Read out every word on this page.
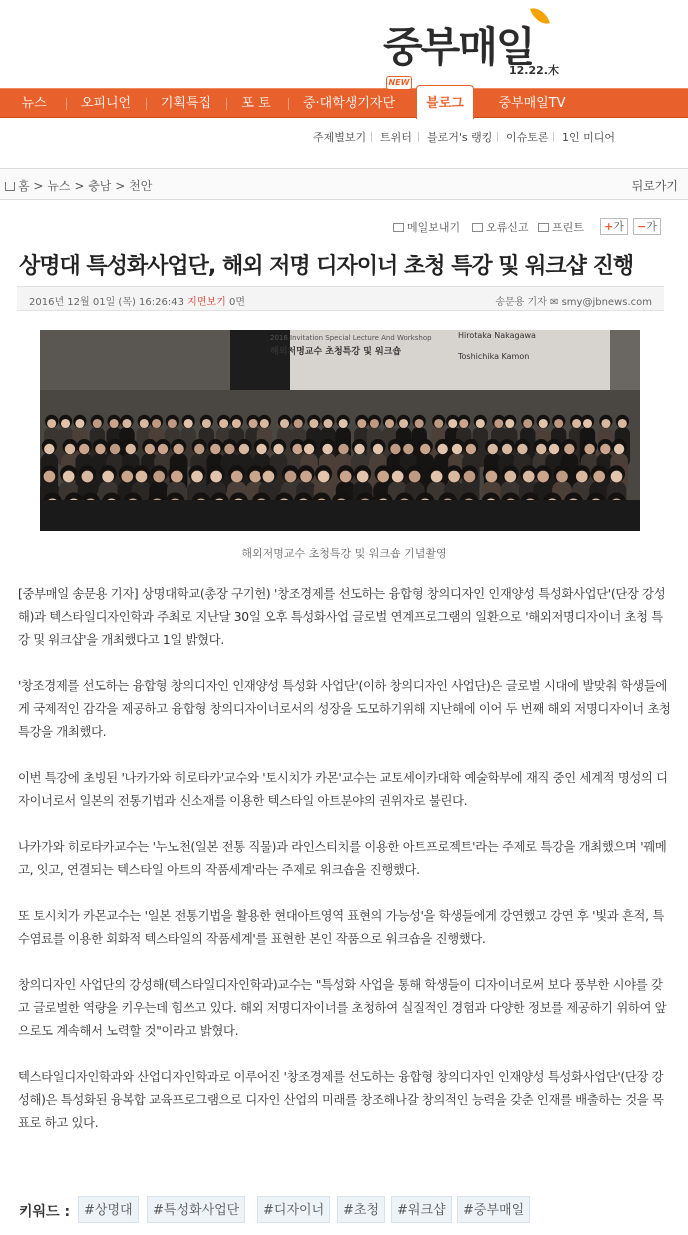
중부매일
12.22.木
뉴스	오피니언	기획특집	포 토	중·대학생기자단	중부매일TV
NEW
블로그
주제별보기 트위터 블로거's 랭킹 이슈토론 1인 미디어
홈 > 뉴스 > 충남 > 천안	뒤로가기
메일보내기	오류신고	프린트	+가	−가
상명대 특성화사업단, 해외 저명 디자이너 초청 특강 및 워크샵 진행
2016년 12월 01일 (목) 16:26:43 지면보기 0면	송문용 기자 ✉ smy@jbnews.com
2016 Invitation Special Lecture And Workshop
해외저명교수 초청특강 및 워크숍
Hirotaka Nakagawa
Toshichika Kamon
해외저명교수 초청특강 및 워크숍 기념촬영

[중부매일 송문용 기자] 상명대학교(총장 구기헌) '창조경제를 선도하는 융합형 창의디자인 인재양성 특성화사업단'(단장 강성해)과 텍스타일디자인학과 주최로 지난달 30일 오후 특성화사업 글로벌 연계프로그램의 일환으로 '해외저명디자이너 초청 특강 및 워크샵'을 개최했다고 1일 밝혔다.

'창조경제를 선도하는 융합형 창의디자인 인재양성 특성화 사업단'(이하 창의디자인 사업단)은 글로벌 시대에 발맞춰 학생들에게 국제적인 감각을 제공하고 융합형 창의디자이너로서의 성장을 도모하기위해 지난해에 이어 두 번째 해외 저명디자이너 초청 특강을 개최했다.

이번 특강에 초빙된 '나카가와 히로타카'교수와 '토시치가 카몬'교수는 교토세이카대학 예술학부에 재직 중인 세계적 명성의 디자이너로서 일본의 전통기법과 신소재를 이용한 텍스타일 아트분야의 권위자로 불린다.

나카가와 히로타카교수는 '누노천(일본 전통 직물)과 라인스티치를 이용한 아트프로젝트'라는 주제로 특강을 개최했으며 '꿰메고, 잇고, 연결되는 텍스타일 아트의 작품세계'라는 주제로 워크숍을 진행했다.

또 토시치가 카몬교수는 '일본 전통기법을 활용한 현대아트영역 표현의 가능성'을 학생들에게 강연했고 강연 후 '빛과 흔적, 특수염료를 이용한 회화적 텍스타일의 작품세계'를 표현한 본인 작품으로 워크숍을 진행했다.

창의디자인 사업단의 강성해(텍스타일디자인학과)교수는 "특성화 사업을 통해 학생들이 디자이너로써 보다 풍부한 시야를 갖고 글로벌한 역량을 키우는데 힘쓰고 있다. 해외 저명디자이너를 초청하여 실질적인 경험과 다양한 정보를 제공하기 위하여 앞으로도 계속해서 노력할 것"이라고 밝혔다.

텍스타일디자인학과와 산업디자인학과로 이루어진 '창조경제를 선도하는 융합형 창의디자인 인재양성 특성화사업단'(단장 강성해)은 특성화된 융복합 교육프로그램으로 디자인 산업의 미래를 창조해나갈 창의적인 능력을 갖춘 인재를 배출하는 것을 목표로 하고 있다.

키워드 :	#상명대	#특성화사업단	#디자이너	#초청	#워크샵	#중부매일
